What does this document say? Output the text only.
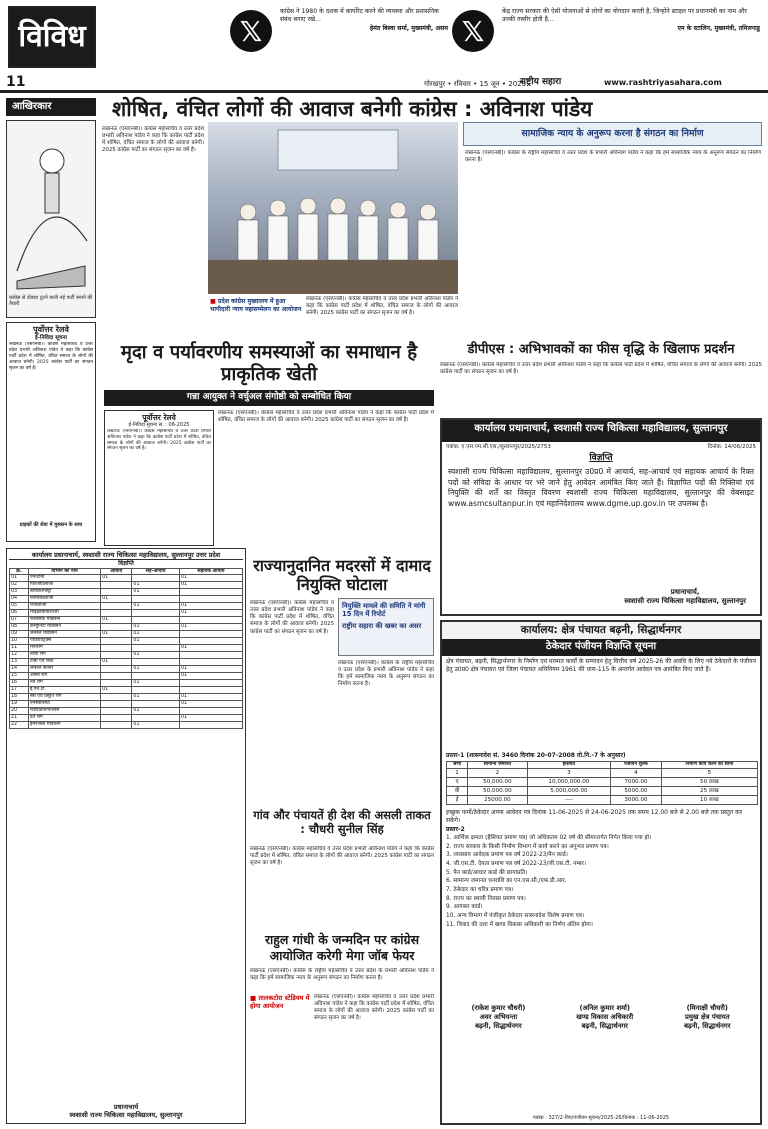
विविध	𝕏
कांग्रेस ने 1980 के दशक में कार्पोरेट करने की व्यवस्था और प्रशासनिक संबंध बनाए रखे...
हेमंत बिस्वा सर्मा, मुख्यमंत्री, असम 𝕏
केंद्र राज्य सरकार की ऐसी योजनाओं से लोगों का योगदान करती है, जिन्होंने स्टाइल पर प्रधानमंत्री का नाम और उनकी तस्वीर होती है...
एम के स्टालिन, मुख्यमंत्री, तमिलनाडु
11	गोरखपुर • रविवार • 15 जून • 2025
राष्ट्रीय सहारा	www.rashtriyasahara.com
आखिरकार	शोषित, वंचित लोगों की आवाज बनेगी कांग्रेस : अविनाश पांडेय
कांग्रेस से दोबारा टूटने वाली नई पार्टी बनाने की तैयारी
लखनऊ (एसएनबी)। कांग्रेस महासचिव व उत्तर प्रदेश प्रभारी अविनाश पांडेय ने कहा कि कांग्रेस पार्टी प्रदेश में शोषित, वंचित समाज के लोगों की आवाज बनेगी। 2025 कांग्रेस पार्टी का संगठन सृजन का वर्ष है।
■ प्रदेश कांग्रेस मुख्यालय में हुआ भागीदारी न्याय महासम्मेलन का आयोजन
लखनऊ (एसएनबी)। कांग्रेस महासचिव व उत्तर प्रदेश प्रभारी अविनाश पांडेय ने कहा कि कांग्रेस पार्टी प्रदेश में शोषित, वंचित समाज के लोगों की आवाज बनेगी। 2025 कांग्रेस पार्टी का संगठन सृजन का वर्ष है।
सामाजिक न्याय के अनुरूप करना है संगठन का निर्माण
लखनऊ (एसएनबी)। कांग्रेस के राष्ट्रीय महासचिव व उत्तर प्रदेश के प्रभारी अविनाश पांडेय ने कहा कि हमें सामाजिक न्याय के अनुरूप संगठन का निर्माण करना है।
पूर्वोत्तर रेलवे
ई-निविदा सूचना
लखनऊ (एसएनबी)। कांग्रेस महासचिव व उत्तर प्रदेश प्रभारी अविनाश पांडेय ने कहा कि कांग्रेस पार्टी प्रदेश में शोषित, वंचित समाज के लोगों की आवाज बनेगी। 2025 कांग्रेस पार्टी का संगठन सृजन का वर्ष है।
ग्राहकों की सेवा में मुस्कान के साथ
मृदा व पर्यावरणीय समस्याओं का समाधान है प्राकृतिक खेती
गन्ना आयुक्त ने वर्चुअल संगोष्ठी को सम्बोधित किया
डीपीएस : अभिभावकों का फीस वृद्धि के खिलाफ प्रदर्शन
लखनऊ (एसएनबी)। कांग्रेस महासचिव व उत्तर प्रदेश प्रभारी अविनाश पांडेय ने कहा कि कांग्रेस पार्टी प्रदेश में शोषित, वंचित समाज के लोगों की आवाज बनेगी। 2025 कांग्रेस पार्टी का संगठन सृजन का वर्ष है।
पूर्वोत्तर रेलवे
ई-निविदा सूचना सं. : 06-2025
लखनऊ (एसएनबी)। कांग्रेस महासचिव व उत्तर प्रदेश प्रभारी अविनाश पांडेय ने कहा कि कांग्रेस पार्टी प्रदेश में शोषित, वंचित समाज के लोगों की आवाज बनेगी। 2025 कांग्रेस पार्टी का संगठन सृजन का वर्ष है।
लखनऊ (एसएनबी)। कांग्रेस महासचिव व उत्तर प्रदेश प्रभारी अविनाश पांडेय ने कहा कि कांग्रेस पार्टी प्रदेश में शोषित, वंचित समाज के लोगों की आवाज बनेगी। 2025 कांग्रेस पार्टी का संगठन सृजन का वर्ष है।
कार्यालय प्रधानाचार्य, स्वशासी राज्य चिकित्सा महाविद्यालय, सुल्तानपुर
पत्रांक: ए.एस.एम.सी.एस./सुल्तानपुर/2025/2753	दिनांक: 14/06/2025
विज्ञप्ति
स्वशासी राज्य चिकित्सा महाविद्यालय, सुल्तानपुर उ0प्र0 में आचार्य, सह-आचार्य एवं सहायक आचार्य के रिक्त पदों को संविदा के आधार पर भरे जाने हेतु आवेदन आमंत्रित किए जाते हैं। विज्ञापित पदों की रिक्तियां एवं नियुक्ति की शर्तें का विस्तृत विवरण स्वशासी राज्य चिकित्सा महाविद्यालय, सुल्तानपुर की वेबसाइट www.asmcsultanpur.in एवं महानिदेशालय www.dgme.up.gov.in पर उपलब्ध है।
प्रधानाचार्य,
स्वशासी राज्य चिकित्सा महाविद्यालय, सुल्तानपुर
राज्यानुदानित मदरसों में दामाद नियुक्ति घोटाला
कार्यालय प्रधानाचार्य, स्वशासी राज्य चिकित्सा महाविद्यालय, सुल्तानपुर उत्तर प्रदेश
विज्ञप्ति
क्र.	विभाग का नाम	आचार्य	सह-आचार्य	सहायक आचार्य
01	एनाटॉमी	01		01
02	फिजियोलॉजी		01	01
03	बायोकेमिस्ट्री		01	
04	फार्माकोलॉजी	01		
05	पैथोलॉजी		01	01
06	माइक्रोबायोलॉजी			01
07	फॉरेंसिक मेडिसिन	01		
08	कम्युनिटी मेडिसिन		01	01
09	जनरल मेडिसिन	01	01	
10	पीडियाट्रिक्स		01	
11	मनोरोग			01
12	त्वचा रोग		01	
13	टीबी एवं चेस्ट	01		
14	जनरल सर्जरी		01	01
15	अस्थि रोग			01
16	नेत्र रोग		01	
17	ई.एन.टी.	01		
18	स्त्री एवं प्रसूति रोग		01	01
19	एनेस्थीसिया			01
20	रेडियोडायग्नोसिस		01	
21	दंत रोग			01
22	इमरजेंसी मेडिसिन		01	
प्रधानाचार्य
स्वशासी राज्य चिकित्सा महाविद्यालय, सुल्तानपुर
लखनऊ (एसएनबी)। कांग्रेस महासचिव व उत्तर प्रदेश प्रभारी अविनाश पांडेय ने कहा कि कांग्रेस पार्टी प्रदेश में शोषित, वंचित समाज के लोगों की आवाज बनेगी। 2025 कांग्रेस पार्टी का संगठन सृजन का वर्ष है।
नियुक्ति मामले की समिति ने मांगी 15 दिन में रिपोर्ट
राष्ट्रीय सहारा की खबर का असर
लखनऊ (एसएनबी)। कांग्रेस के राष्ट्रीय महासचिव व उत्तर प्रदेश के प्रभारी अविनाश पांडेय ने कहा कि हमें सामाजिक न्याय के अनुरूप संगठन का निर्माण करना है।
गांव और पंचायतें ही देश की असली ताकत : चौधरी सुनील सिंह
लखनऊ (एसएनबी)। कांग्रेस महासचिव व उत्तर प्रदेश प्रभारी अविनाश पांडेय ने कहा कि कांग्रेस पार्टी प्रदेश में शोषित, वंचित समाज के लोगों की आवाज बनेगी। 2025 कांग्रेस पार्टी का संगठन सृजन का वर्ष है।
राहुल गांधी के जन्मदिन पर कांग्रेस आयोजित करेगी मेगा जॉब फेयर
लखनऊ (एसएनबी)। कांग्रेस के राष्ट्रीय महासचिव व उत्तर प्रदेश के प्रभारी अविनाश पांडेय ने कहा कि हमें सामाजिक न्याय के अनुरूप संगठन का निर्माण करना है।
■ तालकटोरा स्टेडियम में होगा आयोजन
लखनऊ (एसएनबी)। कांग्रेस महासचिव व उत्तर प्रदेश प्रभारी अविनाश पांडेय ने कहा कि कांग्रेस पार्टी प्रदेश में शोषित, वंचित समाज के लोगों की आवाज बनेगी। 2025 कांग्रेस पार्टी का संगठन सृजन का वर्ष है।
कार्यालय: क्षेत्र पंचायत बढ़नी, सिद्धार्थनगर
ठेकेदार पंजीयन विज्ञप्ति सूचना
क्षेत्र पंचायत, बढ़नी, सिद्धार्थनगर के निर्माण एवं मरम्मत कार्यों के सम्पादन हेतु वित्तीय वर्ष 2025-26 की अवधि के लिए नये ठेकेदारों के पंजीयन हेतु उ0प्र0 क्षेत्र पंचायत एवं जिला पंचायत अधिनियम 1961 की धारा-115 के अन्तर्गत आवेदन पत्र आमंत्रित किए जाते हैं।
प्रस्तर-1 (शासनादेश सं. 3460 दिनांक 20-07-2008 तो.नि.-7 के अनुसार)
श्रेणी	सामान्य जमानत	हैसियत	पंजीयन शुल्क	निर्माण कार्य करने की सीमा
1	2	3	4	5
ए	50,000.00	10,000,000.00	7000.00	50 लाख
बी	50,000.00	5,000,000.00	5000.00	25 लाख
ई	25000.00	----	3000.00	10 लाख
इच्छुक फर्मो/ठेकेदार अपना आवेदन पत्र दिनांक 11-06-2025 से 24-06-2025 तक समय 12.00 बजे से 2.00 बजे तक प्रस्तुत कर सकेंगे।
प्रस्तर-2
1. आर्थिक क्षमता (हैसियत प्रमाण पत्र) जो अधिकतम 02 वर्ष की सीमान्तर्गत निर्गत किया गया हो।
2. राज्य सरकार के किसी निर्माण विभाग में कार्य करने का अनुभव प्रमाण पत्र।
3. व्यवसाय आवेदक प्रमाण पत्र वर्ष 2022-23/पैन कार्ड।
4. जी.एस.टी. देयता प्रमाण पत्र वर्ष 2022-23/जी.एस.टी. नम्बर।
5. पैन कार्ड/आधार कार्ड की छायाप्रति।
6. सामान्य जमानत धनराशि का एन.एस.सी./एफ.डी.आर.
7. ठेकेदार का चरित्र प्रमाण पत्र।
8. राज्य का स्थायी निवास प्रमाण पत्र।
9. आयकर कार्ड।
10. अन्य विभाग में पंजीकृत ठेकेदार सासनादेश विशेष प्रमाण पत्र।
11. विवाद की दशा में खण्ड विकास अधिकारी का निर्णय अंतिम होगा।
(राकेश कुमार चौधरी)
अवर अभियन्ता
बढ़नी, सिद्धार्थनगर
(अनिल कुमार शर्मा)
खण्ड विकास अधिकारी
बढ़नी, सिद्धार्थनगर
(मिनाक्षी चौधरी)
प्रमुख क्षेत्र पंचायत
बढ़नी, सिद्धार्थनगर
पत्रांक : 327/2-विप/पंजीयन सूचना/2025-26/दिनांक : 11-06-2025
